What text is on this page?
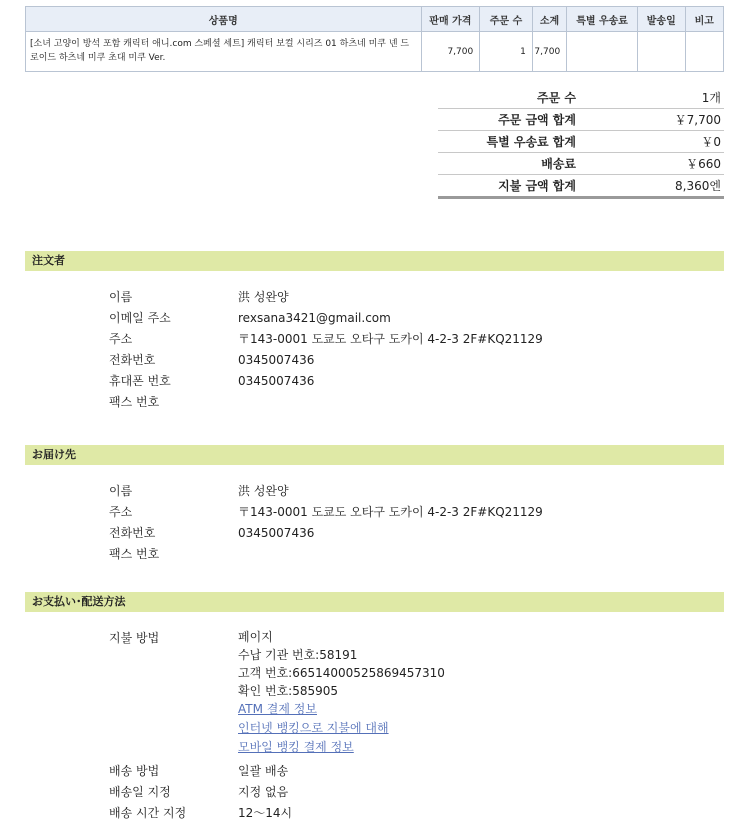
상품명	판매 가격	주문 수	소계	특별 우송료	발송일	비고
[소녀 고양이 방석 포함 캐릭터 애니.com 스페셜 세트] 캐릭터 보컬 시리즈 01 하츠네 미쿠 넨 드로이드 하츠네 미쿠 초대 미쿠 Ver.	7,700	1	7,700			
주문 수	1개
주문 금액 합계	￥7,700
특별 우송료 합계	￥0
배송료	￥660
지불 금액 합계	8,360엔
注文者
이름	洪 성완양
이메일 주소	rexsana3421@gmail.com
주소	〒143-0001 도쿄도 오타구 도카이 4-2-3 2F#KQ21129
전화번호	0345007436
휴대폰 번호	0345007436
팩스 번호
お届け先
이름	洪 성완양
주소	〒143-0001 도쿄도 오타구 도카이 4-2-3 2F#KQ21129
전화번호	0345007436
팩스 번호
お支払い･配送方法
지불 방법	페이지
수납 기관 번호:58191
고객 번호:66514000525869457310
확인 번호:585905
ATM 결제 정보
인터넷 뱅킹으로 지불에 대해
모바일 뱅킹 결제 정보
배송 방법	일괄 배송
배송일 지정	지정 없음
배송 시간 지정	12～14시
